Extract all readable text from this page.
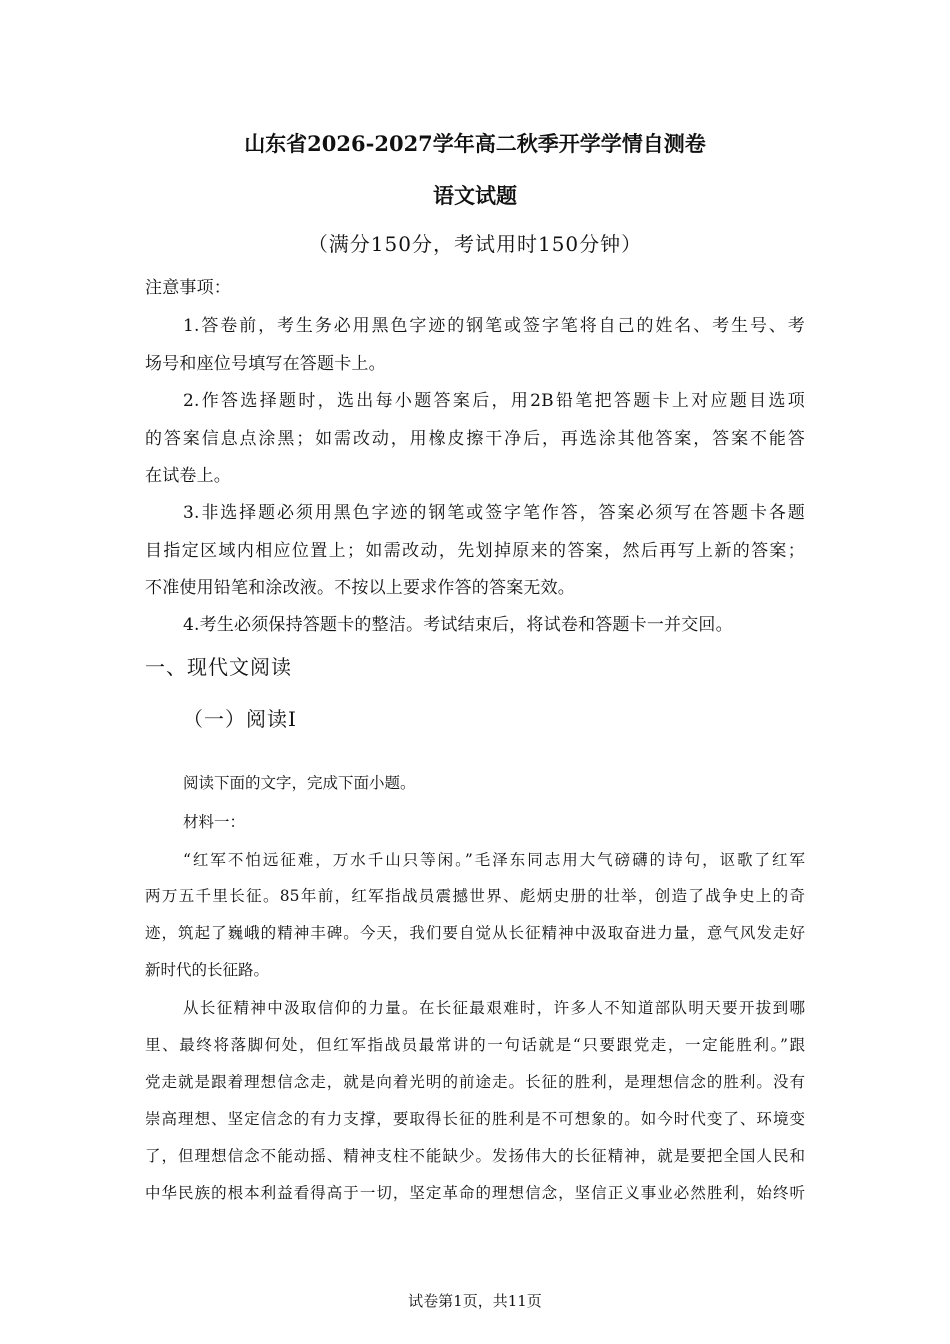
山东省2026-2027学年高二秋季开学学情自测卷
语文试题
（满分150分，考试用时150分钟）
注意事项：
1.答卷前，考生务必用黑色字迹的钢笔或签字笔将自己的姓名、考生号、考
场号和座位号填写在答题卡上。
2.作答选择题时，选出每小题答案后，用2B铅笔把答题卡上对应题目选项
的答案信息点涂黑；如需改动，用橡皮擦干净后，再选涂其他答案，答案不能答
在试卷上。
3.非选择题必须用黑色字迹的钢笔或签字笔作答，答案必须写在答题卡各题
目指定区域内相应位置上；如需改动，先划掉原来的答案，然后再写上新的答案；
不准使用铅笔和涂改液。不按以上要求作答的答案无效。
4.考生必须保持答题卡的整洁。考试结束后，将试卷和答题卡一并交回。
一、现代文阅读
（一）阅读Ⅰ
阅读下面的文字，完成下面小题。
材料一：
“红军不怕远征难，万水千山只等闲。”毛泽东同志用大气磅礴的诗句，讴歌了红军
两万五千里长征。85年前，红军指战员震撼世界、彪炳史册的壮举，创造了战争史上的奇
迹，筑起了巍峨的精神丰碑。今天，我们要自觉从长征精神中汲取奋进力量，意气风发走好
新时代的长征路。
从长征精神中汲取信仰的力量。在长征最艰难时，许多人不知道部队明天要开拔到哪
里、最终将落脚何处，但红军指战员最常讲的一句话就是“只要跟党走，一定能胜利。”跟
党走就是跟着理想信念走，就是向着光明的前途走。长征的胜利，是理想信念的胜利。没有
崇高理想、坚定信念的有力支撑，要取得长征的胜利是不可想象的。如今时代变了、环境变
了，但理想信念不能动摇、精神支柱不能缺少。发扬伟大的长征精神，就是要把全国人民和
中华民族的根本利益看得高于一切，坚定革命的理想信念，坚信正义事业必然胜利，始终听
试卷第1页，共11页
